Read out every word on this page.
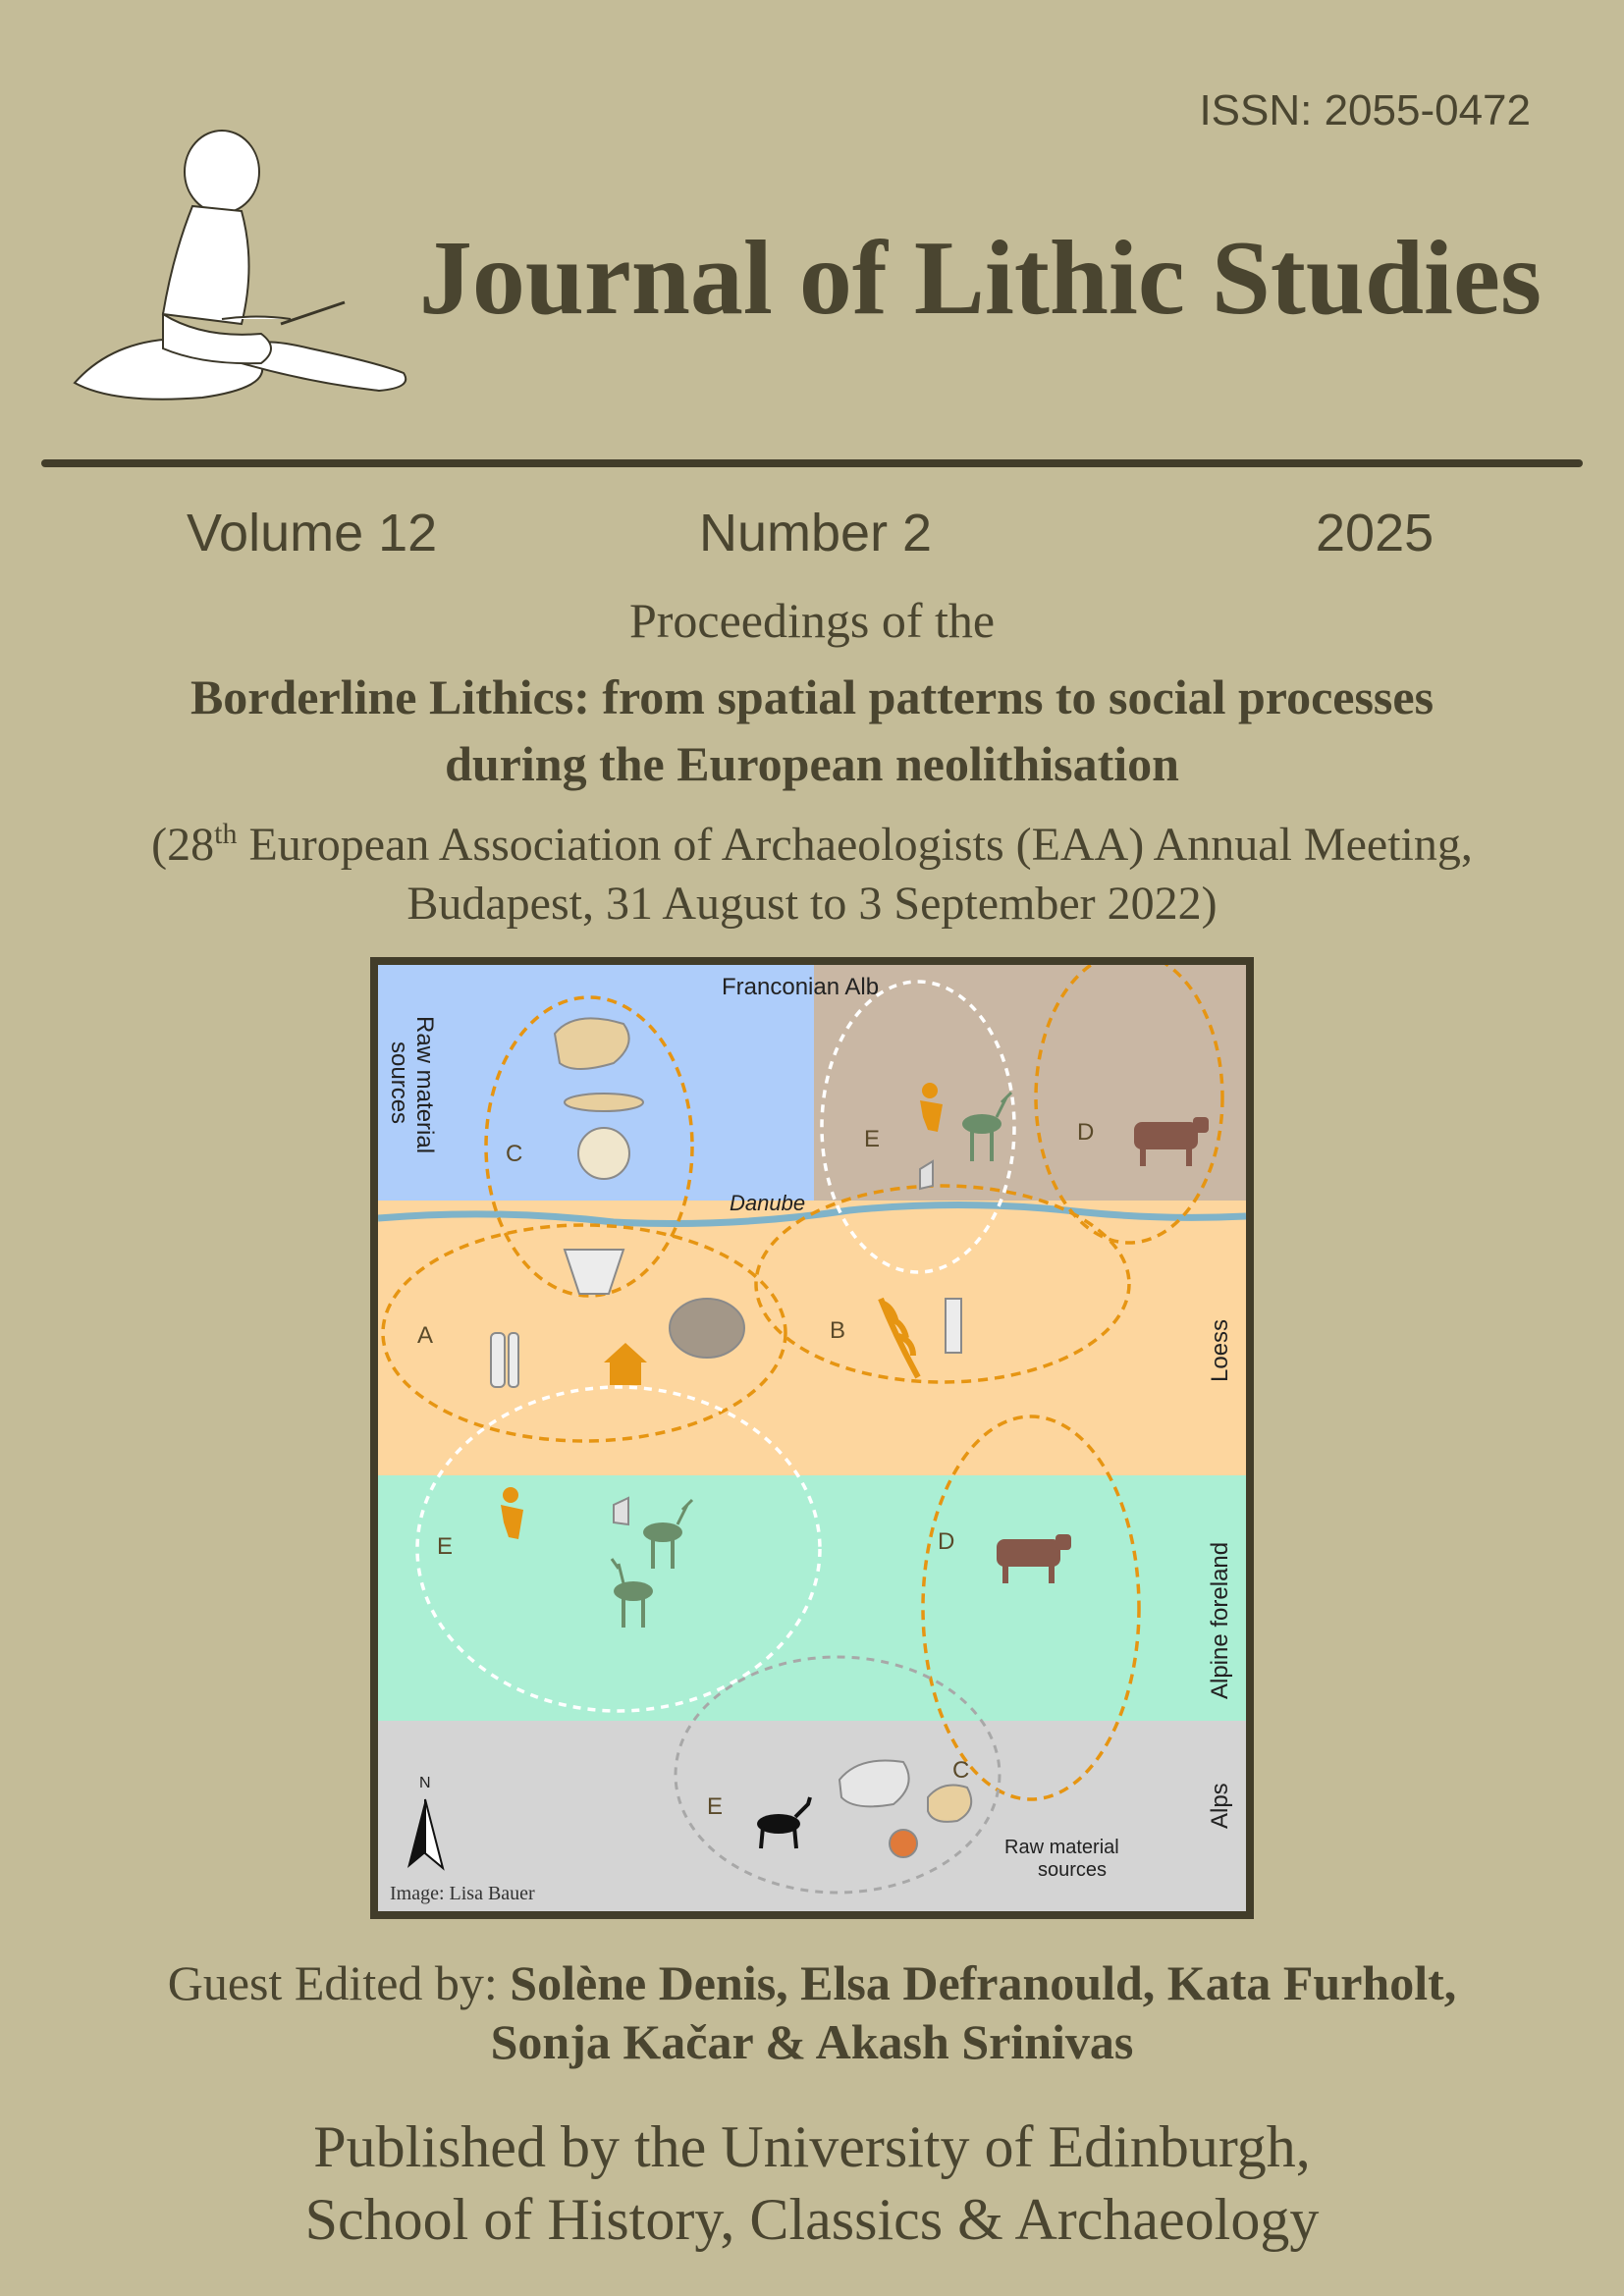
ISSN: 2055-0472
Journal of Lithic Studies
Volume 12	Number 2	2025
Proceedings of the
Borderline Lithics: from spatial patterns to social processes
during the European neolithisation
(28th European Association of Archaeologists (EAA) Annual Meeting,
Budapest, 31 August to 3 September 2022)
Franconian Alb
Raw material
sources
Danube
Loess
Alpine foreland
Alps
Raw material
sources
N
Image: Lisa Bauer
C
E	D
A	B
E	D
E
C
Guest Edited by: Solène Denis, Elsa Defranould, Kata Furholt,
Sonja Kačar & Akash Srinivas
Published by the University of Edinburgh,
School of History, Classics & Archaeology
